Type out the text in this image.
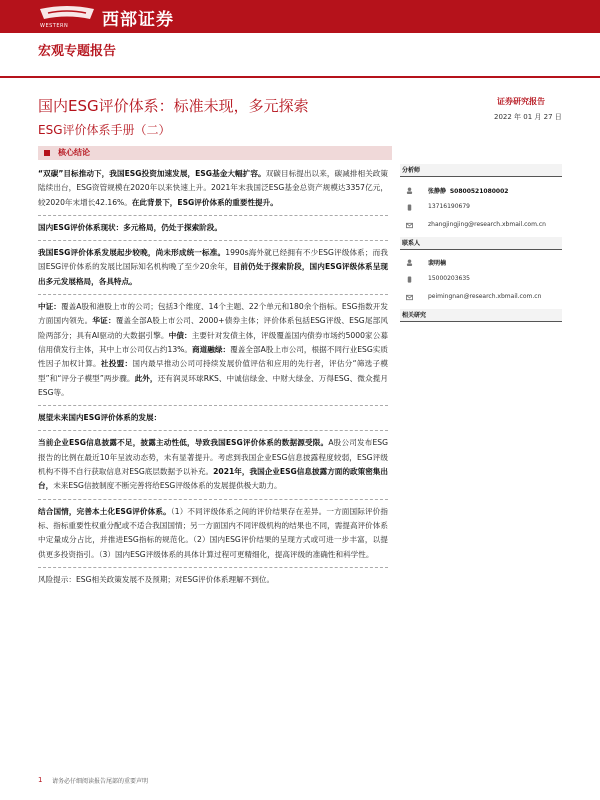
WESTERN 西部证券
宏观专题报告
国内ESG评价体系：标准未现，多元探索
ESG评价体系手册（二）
证券研究报告
2022 年 01 月 27 日
核心结论

“双碳”目标推动下，我国ESG投资加速发展，ESG基金大幅扩容。双碳目标提出以来，碳减排相关政策陆续出台，ESG资管规模在2020年以来快速上升。2021年末我国泛ESG基金总资产规模达3357亿元，较2020年末增长42.16%。在此背景下，ESG评价体系的重要性提升。

国内ESG评价体系现状：多元格局，仍处于探索阶段。

我国ESG评价体系发展起步较晚，尚未形成统一标准。1990s海外就已经拥有不少ESG评级体系；而我国ESG评价体系的发展比国际知名机构晚了至少20余年，目前仍处于探索阶段，国内ESG评级体系呈现出多元发展格局，各具特点。

中证：覆盖A股和港股上市的公司；包括3个维度、14个主题、22个单元和180余个指标。ESG指数开发方面国内领先。华证：覆盖全部A股上市公司、2000+债券主体；评价体系包括ESG评级、ESG尾部风险两部分；具有AI驱动的大数据引擎。中债：主要针对发债主体，评级覆盖国内债券市场约5000家公募信用债发行主体，其中上市公司仅占约13%。商道融绿：覆盖全部A股上市公司，根据不同行业ESG实质性因子加权计算。社投盟：国内最早推动公司可持续发展价值评估和应用的先行者，评估分“筛选子模型”和“评分子模型”两步骤。此外，还有润灵环球RKS、中诚信绿金、中财大绿金、万得ESG、微众揽月ESG等。

展望未来国内ESG评价体系的发展：

当前企业ESG信息披露不足，披露主动性低，导致我国ESG评价体系的数据源受限。A股公司发布ESG报告的比例在最近10年呈波动态势，未有显著提升。考虑到我国企业ESG信息披露程度较弱，ESG评级机构不得不自行获取信息对ESG底层数据予以补充。2021年，我国企业ESG信息披露方面的政策密集出台，未来ESG信披制度不断完善将给ESG评级体系的发展提供极大助力。

结合国情，完善本土化ESG评价体系。（1）不同评级体系之间的评价结果存在差异。一方面国际评价指标、指标重要性权重分配或不适合我国国情；另一方面国内不同评级机构的结果也不同，需提高评价体系中定量成分占比，并推进ESG指标的规范化。（2）国内ESG评价结果的呈现方式或可进一步丰富，以提供更多投资指引。（3）国内ESG评级体系的具体计算过程可更精细化，提高评级的准确性和科学性。

风险提示：ESG相关政策发展不及预期；对ESG评价体系理解不到位。

分析师
张静静 S0800521080002
13716190679
zhangjingjing@research.xbmail.com.cn
联系人
裴明楠
15000203635
peimingnan@research.xbmail.com.cn
相关研究
1 请务必仔细阅读报告尾部的重要声明
